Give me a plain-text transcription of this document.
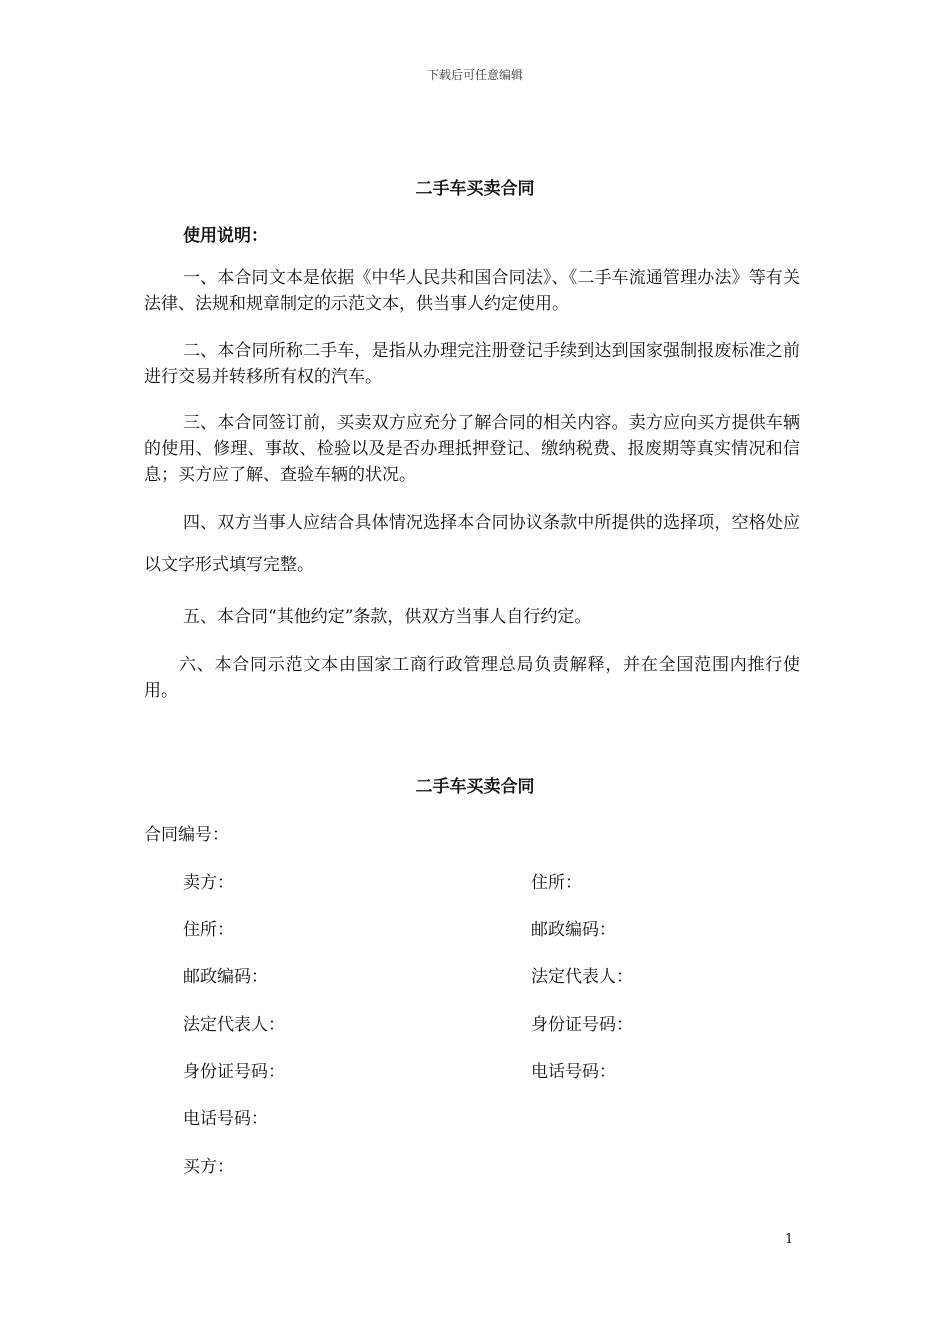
下载后可任意编辑
二手车买卖合同
使用说明：
一、本合同文本是依据《中华人民共和国合同法》、《二手车流通管理办法》等有关法律、法规和规章制定的示范文本，供当事人约定使用。
二、本合同所称二手车，是指从办理完注册登记手续到达到国家强制报废标准之前进行交易并转移所有权的汽车。
三、本合同签订前，买卖双方应充分了解合同的相关内容。卖方应向买方提供车辆的使用、修理、事故、检验以及是否办理抵押登记、缴纳税费、报废期等真实情况和信息；买方应了解、查验车辆的状况。
四、双方当事人应结合具体情况选择本合同协议条款中所提供的选择项，空格处应以文字形式填写完整。
五、本合同“其他约定”条款，供双方当事人自行约定。
六、本合同示范文本由国家工商行政管理总局负责解释，并在全国范围内推行使用。
二手车买卖合同
合同编号：
卖方：
住所：
邮政编码：
法定代表人：
身份证号码：
电话号码：
买方：
住所：
邮政编码：
法定代表人：
身份证号码：
电话号码：
1
